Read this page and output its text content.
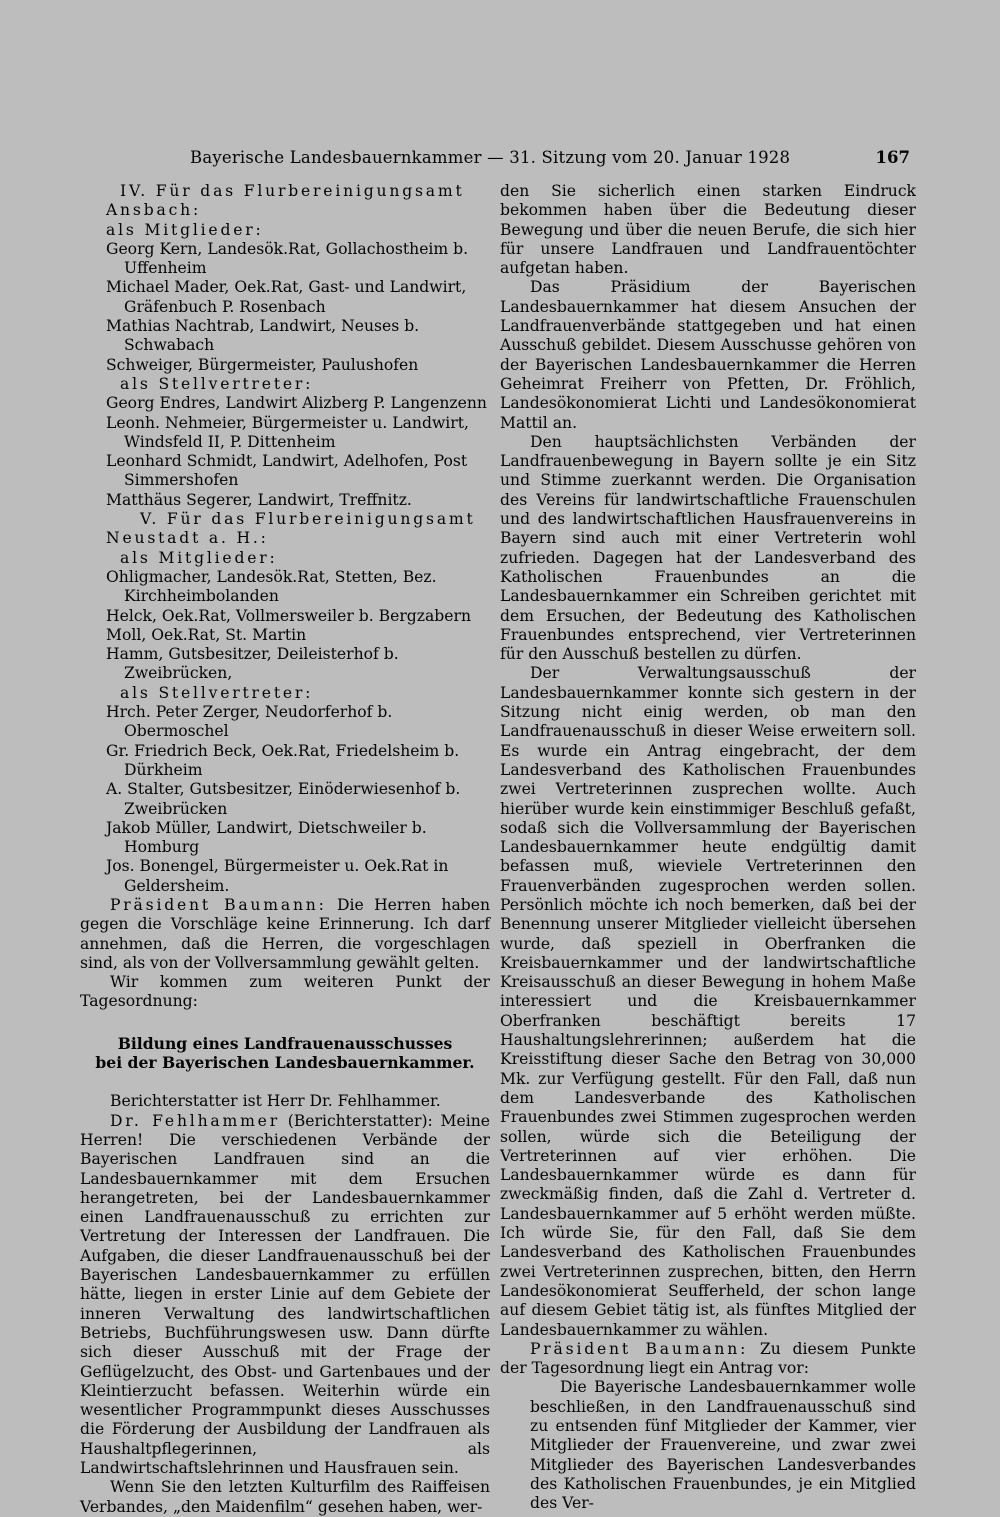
Bayerische Landesbauernkammer — 31. Sitzung vom 20. Januar 1928	167

IV. Für das Flurbereinigungsamt

Ansbach:

als Mitglieder:

Georg Kern, Landesök.Rat, Gollachostheim b. Uffenheim

Michael Mader, Oek.Rat, Gast- und Landwirt, Gräfenbuch P. Rosenbach

Mathias Nachtrab, Landwirt, Neuses b. Schwabach

Schweiger, Bürgermeister, Paulushofen

als Stellvertreter:

Georg Endres, Landwirt Alizberg P. Langenzenn

Leonh. Nehmeier, Bürgermeister u. Landwirt, Windsfeld II, P. Dittenheim

Leonhard Schmidt, Landwirt, Adelhofen, Post Simmershofen

Matthäus Segerer, Landwirt, Treffnitz.

V. Für das Flurbereinigungsamt

Neustadt a. H.:

als Mitglieder:

Ohligmacher, Landesök.Rat, Stetten, Bez. Kirchheimbolanden

Helck, Oek.Rat, Vollmersweiler b. Bergzabern

Moll, Oek.Rat, St. Martin

Hamm, Gutsbesitzer, Deileisterhof b. Zweibrücken,

als Stellvertreter:

Hrch. Peter Zerger, Neudorferhof b. Obermoschel

Gr. Friedrich Beck, Oek.Rat, Friedelsheim b. Dürkheim

A. Stalter, Gutsbesitzer, Einöderwiesenhof b. Zweibrücken

Jakob Müller, Landwirt, Dietschweiler b. Homburg

Jos. Bonengel, Bürgermeister u. Oek.Rat in Geldersheim.

Präsident Baumann: Die Herren haben gegen die Vorschläge keine Erinnerung. Ich darf annehmen, daß die Herren, die vorgeschlagen sind, als von der Vollversammlung gewählt gelten.

Wir kommen zum weiteren Punkt der Tagesordnung:

Bildung eines Landfrauenausschusses
bei der Bayerischen Landesbauernkammer.

Berichterstatter ist Herr Dr. Fehlhammer.

Dr. Fehlhammer (Berichterstatter): Meine Herren! Die verschiedenen Verbände der Bayerischen Landfrauen sind an die Landesbauernkammer mit dem Ersuchen herangetreten, bei der Landesbauernkammer einen Landfrauenausschuß zu errichten zur Vertretung der Interessen der Landfrauen. Die Aufgaben, die dieser Landfrauenausschuß bei der Bayerischen Landesbauernkammer zu erfüllen hätte, liegen in erster Linie auf dem Gebiete der inneren Verwaltung des landwirtschaftlichen Betriebs, Buchführungswesen usw. Dann dürfte sich dieser Ausschuß mit der Frage der Geflügelzucht, des Obst- und Gartenbaues und der Kleintierzucht befassen. Weiterhin würde ein wesentlicher Programmpunkt dieses Ausschusses die Förderung der Ausbildung der Landfrauen als Haushaltpflegerinnen, als Landwirtschaftslehrinnen und Hausfrauen sein.

Wenn Sie den letzten Kulturfilm des Raiffeisen Verbandes, „den Maidenfilm“ gesehen haben, wer-

den Sie sicherlich einen starken Eindruck bekommen haben über die Bedeutung dieser Bewegung und über die neuen Berufe, die sich hier für unsere Landfrauen und Landfrauentöchter aufgetan haben.

Das Präsidium der Bayerischen Landesbauernkammer hat diesem Ansuchen der Landfrauenverbände stattgegeben und hat einen Ausschuß gebildet. Diesem Ausschusse gehören von der Bayerischen Landesbauernkammer die Herren Geheimrat Freiherr von Pfetten, Dr. Fröhlich, Landesökonomierat Lichti und Landesökonomierat Mattil an.

Den hauptsächlichsten Verbänden der Landfrauenbewegung in Bayern sollte je ein Sitz und Stimme zuerkannt werden. Die Organisation des Vereins für landwirtschaftliche Frauenschulen und des landwirtschaftlichen Hausfrauenvereins in Bayern sind auch mit einer Vertreterin wohl zufrieden. Dagegen hat der Landesverband des Katholischen Frauenbundes an die Landesbauernkammer ein Schreiben gerichtet mit dem Ersuchen, der Bedeutung des Katholischen Frauenbundes entsprechend, vier Vertreterinnen für den Ausschuß bestellen zu dürfen.

Der Verwaltungsausschuß der Landesbauernkammer konnte sich gestern in der Sitzung nicht einig werden, ob man den Landfrauenausschuß in dieser Weise erweitern soll. Es wurde ein Antrag eingebracht, der dem Landesverband des Katholischen Frauenbundes zwei Vertreterinnen zusprechen wollte. Auch hierüber wurde kein einstimmiger Beschluß gefaßt, sodaß sich die Vollversammlung der Bayerischen Landesbauernkammer heute endgültig damit befassen muß, wieviele Vertreterinnen den Frauenverbänden zugesprochen werden sollen. Persönlich möchte ich noch bemerken, daß bei der Benennung unserer Mitglieder vielleicht übersehen wurde, daß speziell in Oberfranken die Kreisbauernkammer und der landwirtschaftliche Kreisausschuß an dieser Bewegung in hohem Maße interessiert und die Kreisbauernkammer Oberfranken beschäftigt bereits 17 Haushaltungslehrerinnen; außerdem hat die Kreisstiftung dieser Sache den Betrag von 30,000 Mk. zur Verfügung gestellt. Für den Fall, daß nun dem Landesverbande des Katholischen Frauenbundes zwei Stimmen zugesprochen werden sollen, würde sich die Beteiligung der Vertreterinnen auf vier erhöhen. Die Landesbauernkammer würde es dann für zweckmäßig finden, daß die Zahl d. Vertreter d. Landesbauernkammer auf 5 erhöht werden müßte. Ich würde Sie, für den Fall, daß Sie dem Landesverband des Katholischen Frauenbundes zwei Vertreterinnen zusprechen, bitten, den Herrn Landesökonomierat Seufferheld, der schon lange auf diesem Gebiet tätig ist, als fünftes Mitglied der Landesbauernkammer zu wählen.

Präsident Baumann: Zu diesem Punkte der Tagesordnung liegt ein Antrag vor:

Die Bayerische Landesbauernkammer wolle beschließen, in den Landfrauenausschuß sind zu entsenden fünf Mitglieder der Kammer, vier Mitglieder der Frauenvereine, und zwar zwei Mitglieder des Bayerischen Landesverbandes des Katholischen Frauenbundes, je ein Mitglied des Ver-
